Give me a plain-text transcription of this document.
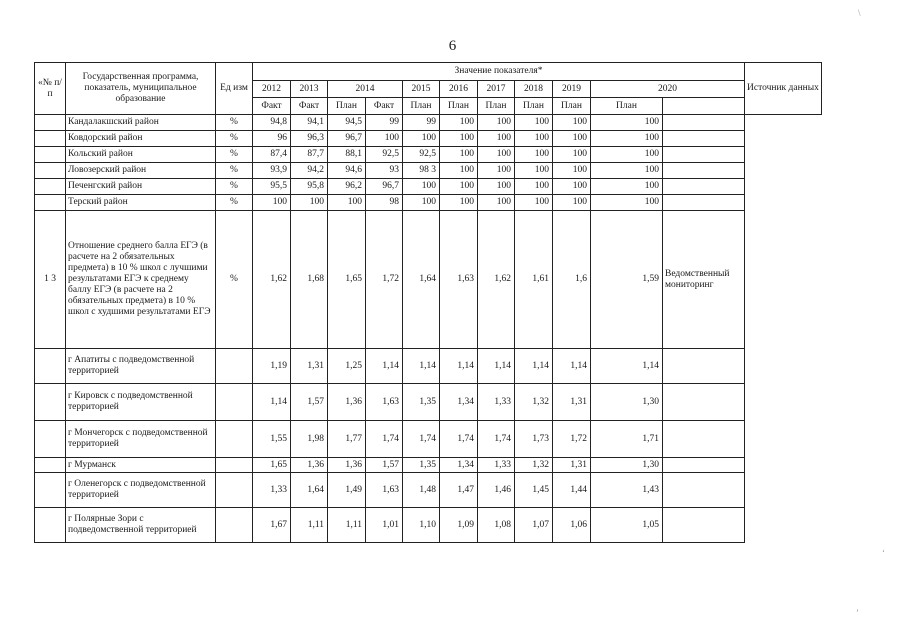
6
«№ п/п	Государственная программа, показатель, муниципальное образование	Ед изм	Значение показателя*											Источник данных
			2012	2013	2014		2015	2016	2017	2018	2019	2020		
			Факт	Факт	План	Факт	План	План	План	План	План	План		
	Кандалакшский район	%	94,8	94,1	94,5	99	99	100	100	100	100	100		
	Ковдорский район	%	96	96,3	96,7	100	100	100	100	100	100	100		
	Кольский район	%	87,4	87,7	88,1	92,5	92,5	100	100	100	100	100		
	Ловозерский район	%	93,9	94,2	94,6	93	98 3	100	100	100	100	100		
	Печенгский район	%	95,5	95,8	96,2	96,7	100	100	100	100	100	100		
	Терский район	%	100	100	100	98	100	100	100	100	100	100		
1 3	Отношение среднего балла ЕГЭ (в расчете на 2 обязательных предмета) в 10 % школ с лучшими результатами ЕГЭ к среднему баллу ЕГЭ (в расчете на 2 обязательных предмета) в 10 % школ с худшими результатами ЕГЭ	%	1,62	1,68	1,65	1,72	1,64	1,63	1,62	1,61	1,6	1,59	Ведомственный мониторинг	
	г Апатиты с подведомственной территорией		1,19	1,31	1,25	1,14	1,14	1,14	1,14	1,14	1,14	1,14		
	г Кировск с подведомственной территорией		1,14	1,57	1,36	1,63	1,35	1,34	1,33	1,32	1,31	1,30		
	г Мончегорск с подведомственной территорией		1,55	1,98	1,77	1,74	1,74	1,74	1,74	1,73	1,72	1,71		
	г Мурманск		1,65	1,36	1,36	1,57	1,35	1,34	1,33	1,32	1,31	1,30		
	г Оленегорск с подведомственной территорией		1,33	1,64	1,49	1,63	1,48	1,47	1,46	1,45	1,44	1,43		
	г Полярные Зори с подведомственной территорией		1,67	1,11	1,11	1,01	1,10	1,09	1,08	1,07	1,06	1,05		
\
‘
’
